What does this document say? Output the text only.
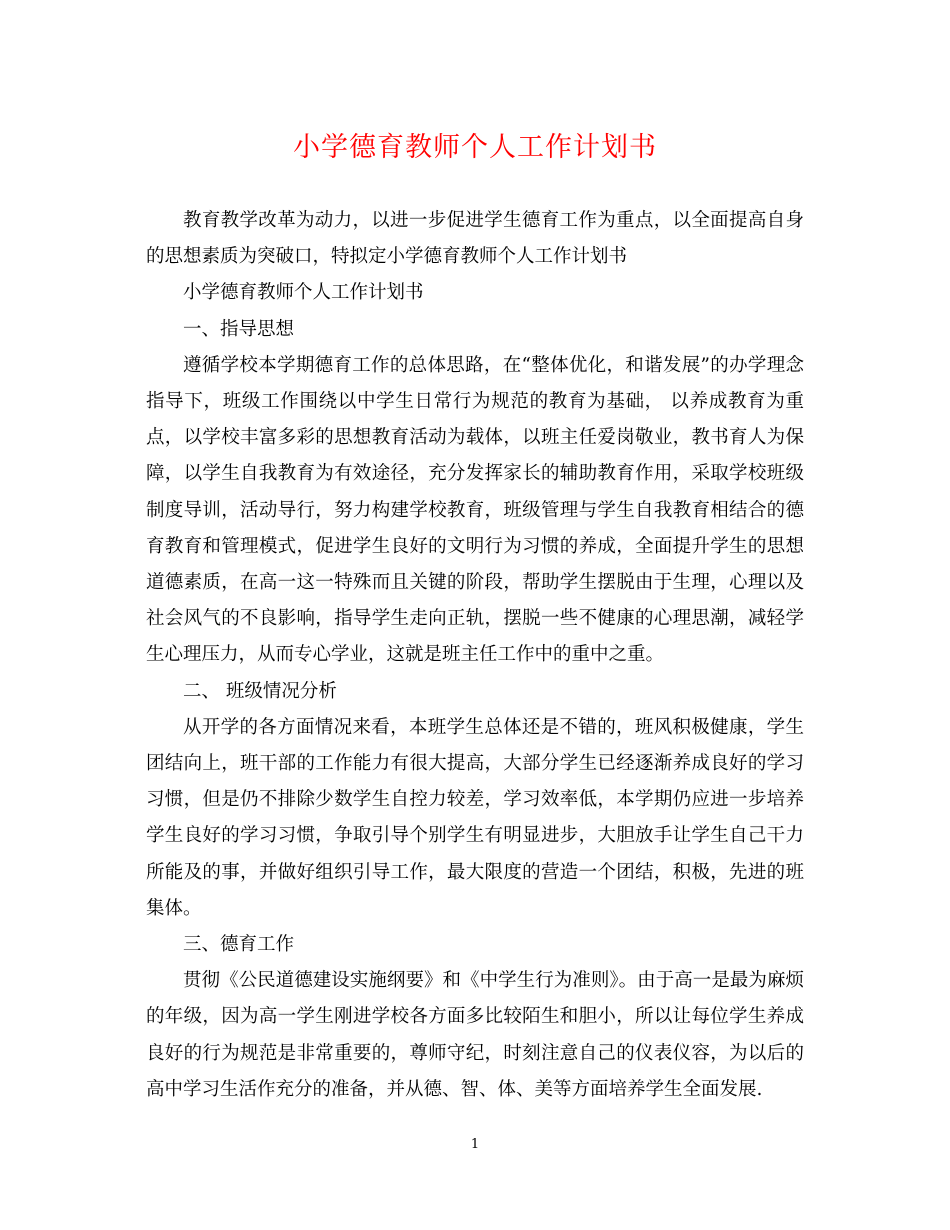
小学德育教师个人工作计划书

教育教学改革为动力，以进一步促进学生德育工作为重点，以全面提高自身的思想素质为突破口，特拟定小学德育教师个人工作计划书

小学德育教师个人工作计划书

一、指导思想

遵循学校本学期德育工作的总体思路，在“整体优化，和谐发展”的办学理念指导下，班级工作围绕以中学生日常行为规范的教育为基础， 以养成教育为重点，以学校丰富多彩的思想教育活动为载体，以班主任爱岗敬业，教书育人为保障，以学生自我教育为有效途径，充分发挥家长的辅助教育作用，采取学校班级制度导训，活动导行，努力构建学校教育，班级管理与学生自我教育相结合的德育教育和管理模式，促进学生良好的文明行为习惯的养成，全面提升学生的思想道德素质，在高一这一特殊而且关键的阶段，帮助学生摆脱由于生理，心理以及社会风气的不良影响，指导学生走向正轨，摆脱一些不健康的心理思潮，减轻学生心理压力，从而专心学业，这就是班主任工作中的重中之重。

二、 班级情况分析

从开学的各方面情况来看，本班学生总体还是不错的，班风积极健康，学生团结向上，班干部的工作能力有很大提高，大部分学生已经逐渐养成良好的学习习惯，但是仍不排除少数学生自控力较差，学习效率低，本学期仍应进一步培养学生良好的学习习惯，争取引导个别学生有明显进步，大胆放手让学生自己干力所能及的事，并做好组织引导工作，最大限度的营造一个团结，积极，先进的班集体。

三、德育工作

贯彻《公民道德建设实施纲要》和《中学生行为准则》。由于高一是最为麻烦的年级，因为高一学生刚进学校各方面多比较陌生和胆小，所以让每位学生养成良好的行为规范是非常重要的，尊师守纪，时刻注意自己的仪表仪容，为以后的高中学习生活作充分的准备，并从德、智、体、美等方面培养学生全面发展.

1
